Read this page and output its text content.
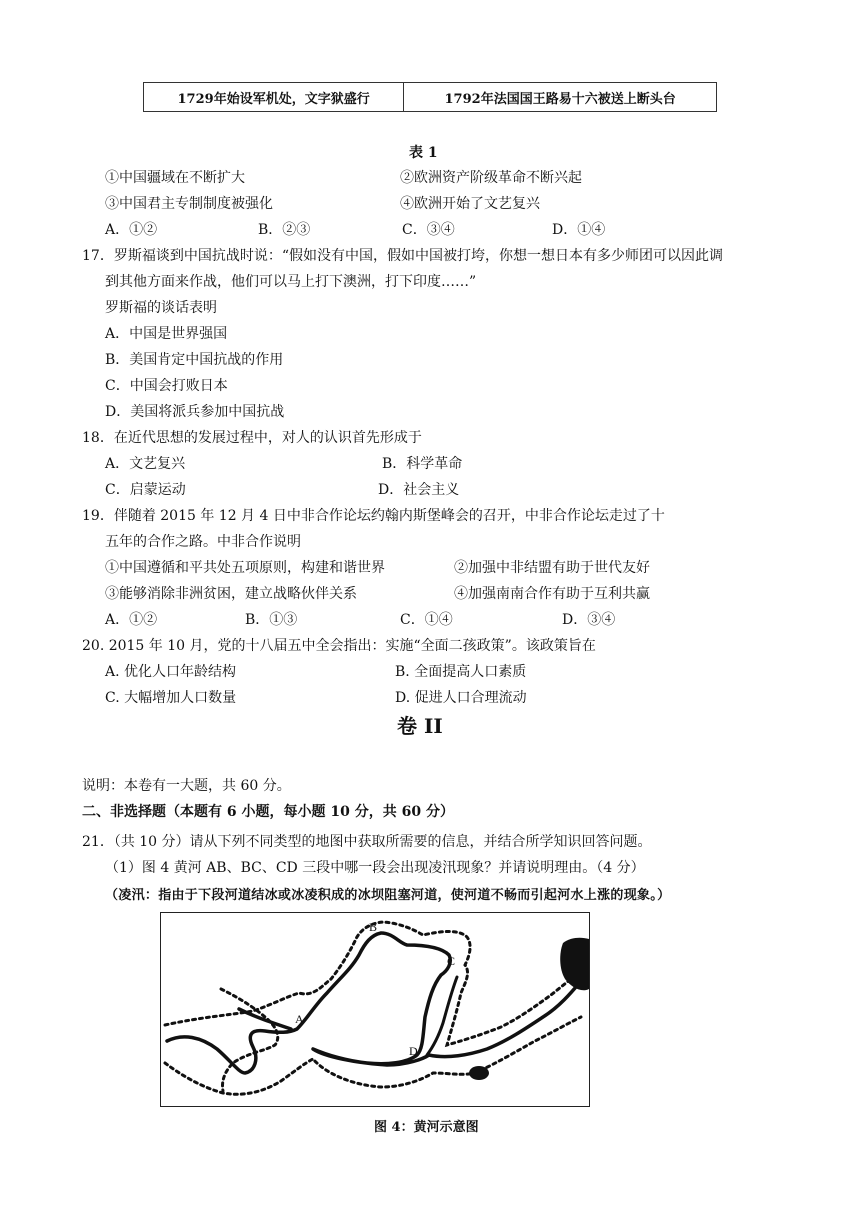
1729年始设军机处，文字狱盛行	1792年法国国王路易十六被送上断头台
表 1
①中国疆域在不断扩大	②欧洲资产阶级革命不断兴起
③中国君主专制制度被强化	④欧洲开始了文艺复兴
A．①②	B．②③	C．③④	D．①④
17．罗斯福谈到中国抗战时说：“假如没有中国，假如中国被打垮，你想一想日本有多少师团可以因此调
到其他方面来作战，他们可以马上打下澳洲，打下印度……”
罗斯福的谈话表明
A．中国是世界强国
B．美国肯定中国抗战的作用
C．中国会打败日本
D．美国将派兵参加中国抗战
18．在近代思想的发展过程中，对人的认识首先形成于
A．文艺复兴	B．科学革命
C．启蒙运动	D．社会主义
19．伴随着 2015 年 12 月 4 日中非合作论坛约翰内斯堡峰会的召开，中非合作论坛走过了十
五年的合作之路。中非合作说明
①中国遵循和平共处五项原则，构建和谐世界	②加强中非结盟有助于世代友好
③能够消除非洲贫困，建立战略伙伴关系	④加强南南合作有助于互利共赢
A．①②	B．①③	C．①④	D．③④
20. 2015 年 10 月，党的十八届五中全会指出：实施“全面二孩政策”。该政策旨在
A. 优化人口年龄结构	B. 全面提高人口素质
C. 大幅增加人口数量	D. 促进人口合理流动
卷 II
说明：本卷有一大题，共 60 分。
二、非选择题（本题有 6 小题，每小题 10 分，共 60 分）
21．（共 10 分）请从下列不同类型的地图中获取所需要的信息，并结合所学知识回答问题。
（1）图 4 黄河 AB、BC、CD 三段中哪一段会出现凌汛现象？并请说明理由。（4 分）
（凌汛：指由于下段河道结冰或冰凌积成的冰坝阻塞河道，使河道不畅而引起河水上涨的现象。）
B
C
A
D
图 4：黄河示意图
